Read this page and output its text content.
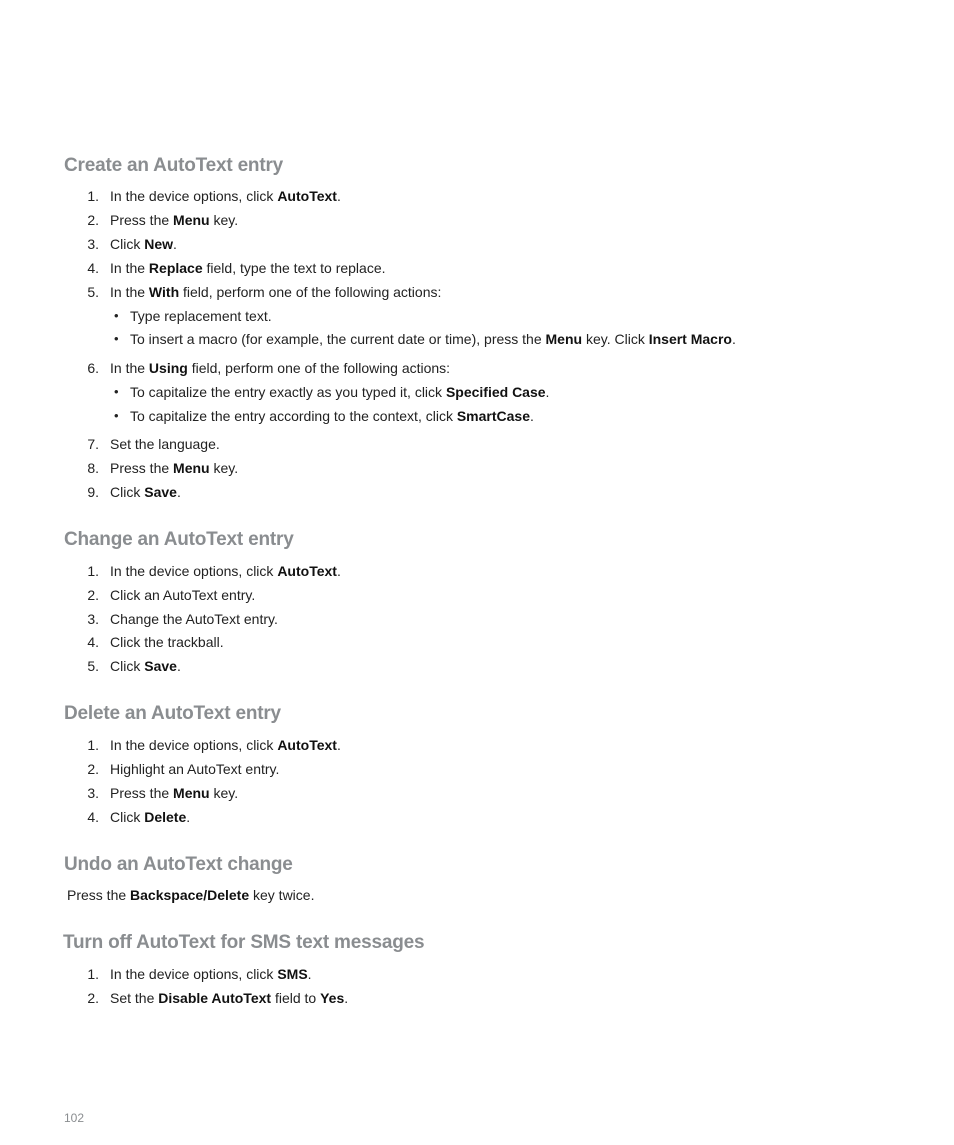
Create an AutoText entry
1. In the device options, click AutoText.
2. Press the Menu key.
3. Click New.
4. In the Replace field, type the text to replace.
5. In the With field, perform one of the following actions:
• Type replacement text.
• To insert a macro (for example, the current date or time), press the Menu key. Click Insert Macro.
6. In the Using field, perform one of the following actions:
• To capitalize the entry exactly as you typed it, click Specified Case.
• To capitalize the entry according to the context, click SmartCase.
7. Set the language.
8. Press the Menu key.
9. Click Save.
Change an AutoText entry
1. In the device options, click AutoText.
2. Click an AutoText entry.
3. Change the AutoText entry.
4. Click the trackball.
5. Click Save.
Delete an AutoText entry
1. In the device options, click AutoText.
2. Highlight an AutoText entry.
3. Press the Menu key.
4. Click Delete.
Undo an AutoText change
Press the Backspace/Delete key twice.
Turn off AutoText for SMS text messages
1. In the device options, click SMS.
2. Set the Disable AutoText field to Yes.
102
